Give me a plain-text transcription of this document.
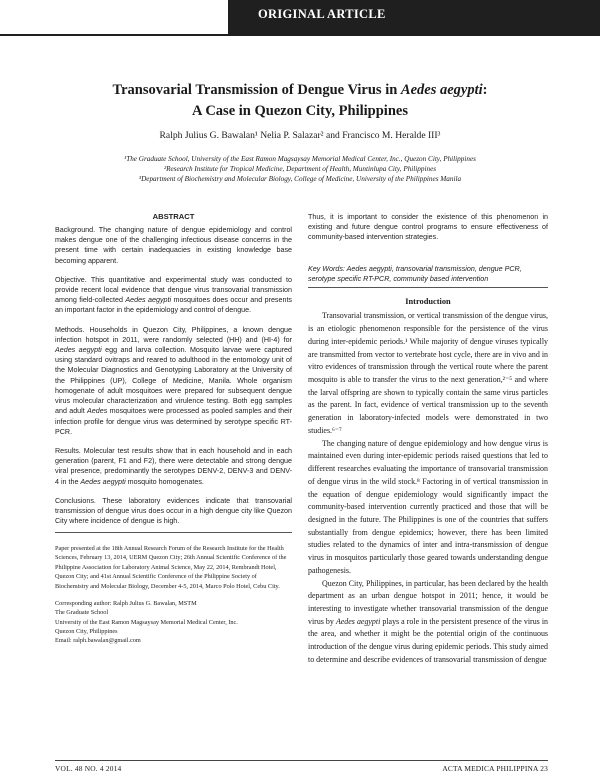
ORIGINAL ARTICLE
Transovarial Transmission of Dengue Virus in Aedes aegypti:
A Case in Quezon City, Philippines
Ralph Julius G. Bawalan¹ Nelia P. Salazar² and Francisco M. Heralde III³
¹The Graduate School, University of the East Ramon Magsaysay Memorial Medical Center, Inc., Quezon City, Philippines
²Research Institute for Tropical Medicine, Department of Health, Muntinlupa City, Philippines
³Department of Biochemistry and Molecular Biology, College of Medicine, University of the Philippines Manila
ABSTRACT

Background. The changing nature of dengue epidemiology and control makes dengue one of the challenging infectious disease concerns in the present time with certain inadequacies in existing knowledge base becoming apparent.

Objective. This quantitative and experimental study was conducted to provide recent local evidence that dengue virus transovarial transmission among field-collected Aedes aegypti mosquitoes does occur and presents an important factor in the epidemiology and control of dengue.

Methods. Households in Quezon City, Philippines, a known dengue infection hotspot in 2011, were randomly selected (HH) and (HI-4) for Aedes aegypti egg and larva collection. Mosquito larvae were captured using standard ovitraps and reared to adulthood in the entomology unit of the Molecular Diagnostics and Genotyping Laboratory at the University of the Philippines (UP), College of Medicine, Manila. Whole organism homogenate of adult mosquitoes were prepared for subsequent dengue virus molecular characterization and virulence testing. Both egg samples and adult Aedes mosquitoes were processed as pooled samples and their infection profile for dengue virus was determined by serotype specific RT-PCR.

Results. Molecular test results show that in each household and in each generation (parent, F1 and F2), there were detectable and strong dengue viral presence, predominantly the serotypes DENV-2, DENV-3 and DENV-4 in the Aedes aegypti mosquito homogenates.

Conclusions. These laboratory evidences indicate that transovarial transmission of dengue virus does occur in a high dengue city like Quezon City where incidence of dengue is high.

Thus, it is important to consider the existence of this phenomenon in existing and future dengue control programs to ensure effectiveness of community-based intervention strategies.
Key Words: Aedes aegypti, transovarial transmission, dengue PCR, serotype specific RT-PCR, community based intervention

Paper presented at the 18th Annual Research Forum of the Research Institute for the Health Sciences, February 13, 2014, UERM Quezon City; 26th Annual Scientific Conference of the Philippine Association for Laboratory Animal Science, May 22, 2014, Rembrandt Hotel, Quezon City; and 41st Annual Scientific Conference of the Philippine Society of Biochemistry and Molecular Biology, December 4-5, 2014, Marco Polo Hotel, Cebu City.

Corresponding author: Ralph Julius G. Bawalan, MSTM
The Graduate School
University of the East Ramon Magsaysay Memorial Medical Center, Inc.
Quezon City, Philippines
Email: ralph.bawalan@gmail.com
Introduction

Transovarial transmission, or vertical transmission of the dengue virus, is an etiologic phenomenon responsible for the persistence of the virus during inter-epidemic periods.¹ While majority of dengue viruses typically are transmitted from vector to vertebrate host cycle, there are in vivo and in vitro evidences of transmission through the vertical route where the parent mosquito is able to transfer the virus to the next generation,²⁻⁵ and where the larval offspring are shown to typically contain the same virus particles as the parent. In fact, evidence of vertical transmission up to the seventh generation in laboratory-infected models were demonstrated in two studies.⁶⁻⁷

The changing nature of dengue epidemiology and how dengue virus is maintained even during inter-epidemic periods raised questions that led to different researches evaluating the importance of transovarial transmission of dengue virus in the wild stock.⁸ Factoring in of vertical transmission in the equation of dengue epidemiology would significantly impact the community-based intervention currently practiced and those that will be designed in the future. The Philippines is one of the countries that suffers substantially from dengue epidemics; however, there has been limited studies related to the dynamics of inter and intra-transmission of dengue virus in mosquitos particularly those geared towards understanding dengue pathogenesis.

Quezon City, Philippines, in particular, has been declared by the health department as an urban dengue hotspot in 2011; hence, it would be interesting to investigate whether transovarial transmission of the dengue virus by Aedes aegypti plays a role in the persistent presence of the virus in the area, and whether it might be the potential origin of the continuous introduction of the dengue virus during epidemic periods. This study aimed to determine and describe evidences of transovarial transmission of dengue

VOL. 48 NO. 4 2014	ACTA MEDICA PHILIPPINA 23
